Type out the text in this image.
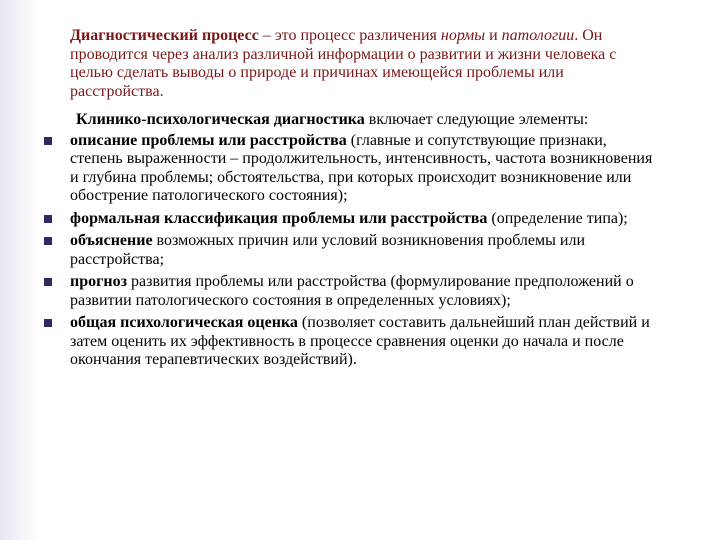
Диагностический процесс – это процесс различения нормы и патологии. Он проводится через анализ различной информации о развитии и жизни человека с целью сделать выводы о природе и причинах имеющейся проблемы или расстройства.

Клинико-психологическая диагностика включает следующие элементы:

описание проблемы или расстройства (главные и сопутствующие признаки, степень выраженности – продолжительность, интенсивность, частота возникновения и глубина проблемы; обстоятельства, при которых происходит возникновение или обострение патологического состояния);
формальная классификация проблемы или расстройства (определение типа);
объяснение возможных причин или условий возникновения проблемы или расстройства;
прогноз развития проблемы или расстройства (формулирование предположений о развитии патологического состояния в определенных условиях);
общая психологическая оценка (позволяет составить дальнейший план действий и затем оценить их эффективность в процессе сравнения оценки до начала и после окончания терапевтических воздействий).
